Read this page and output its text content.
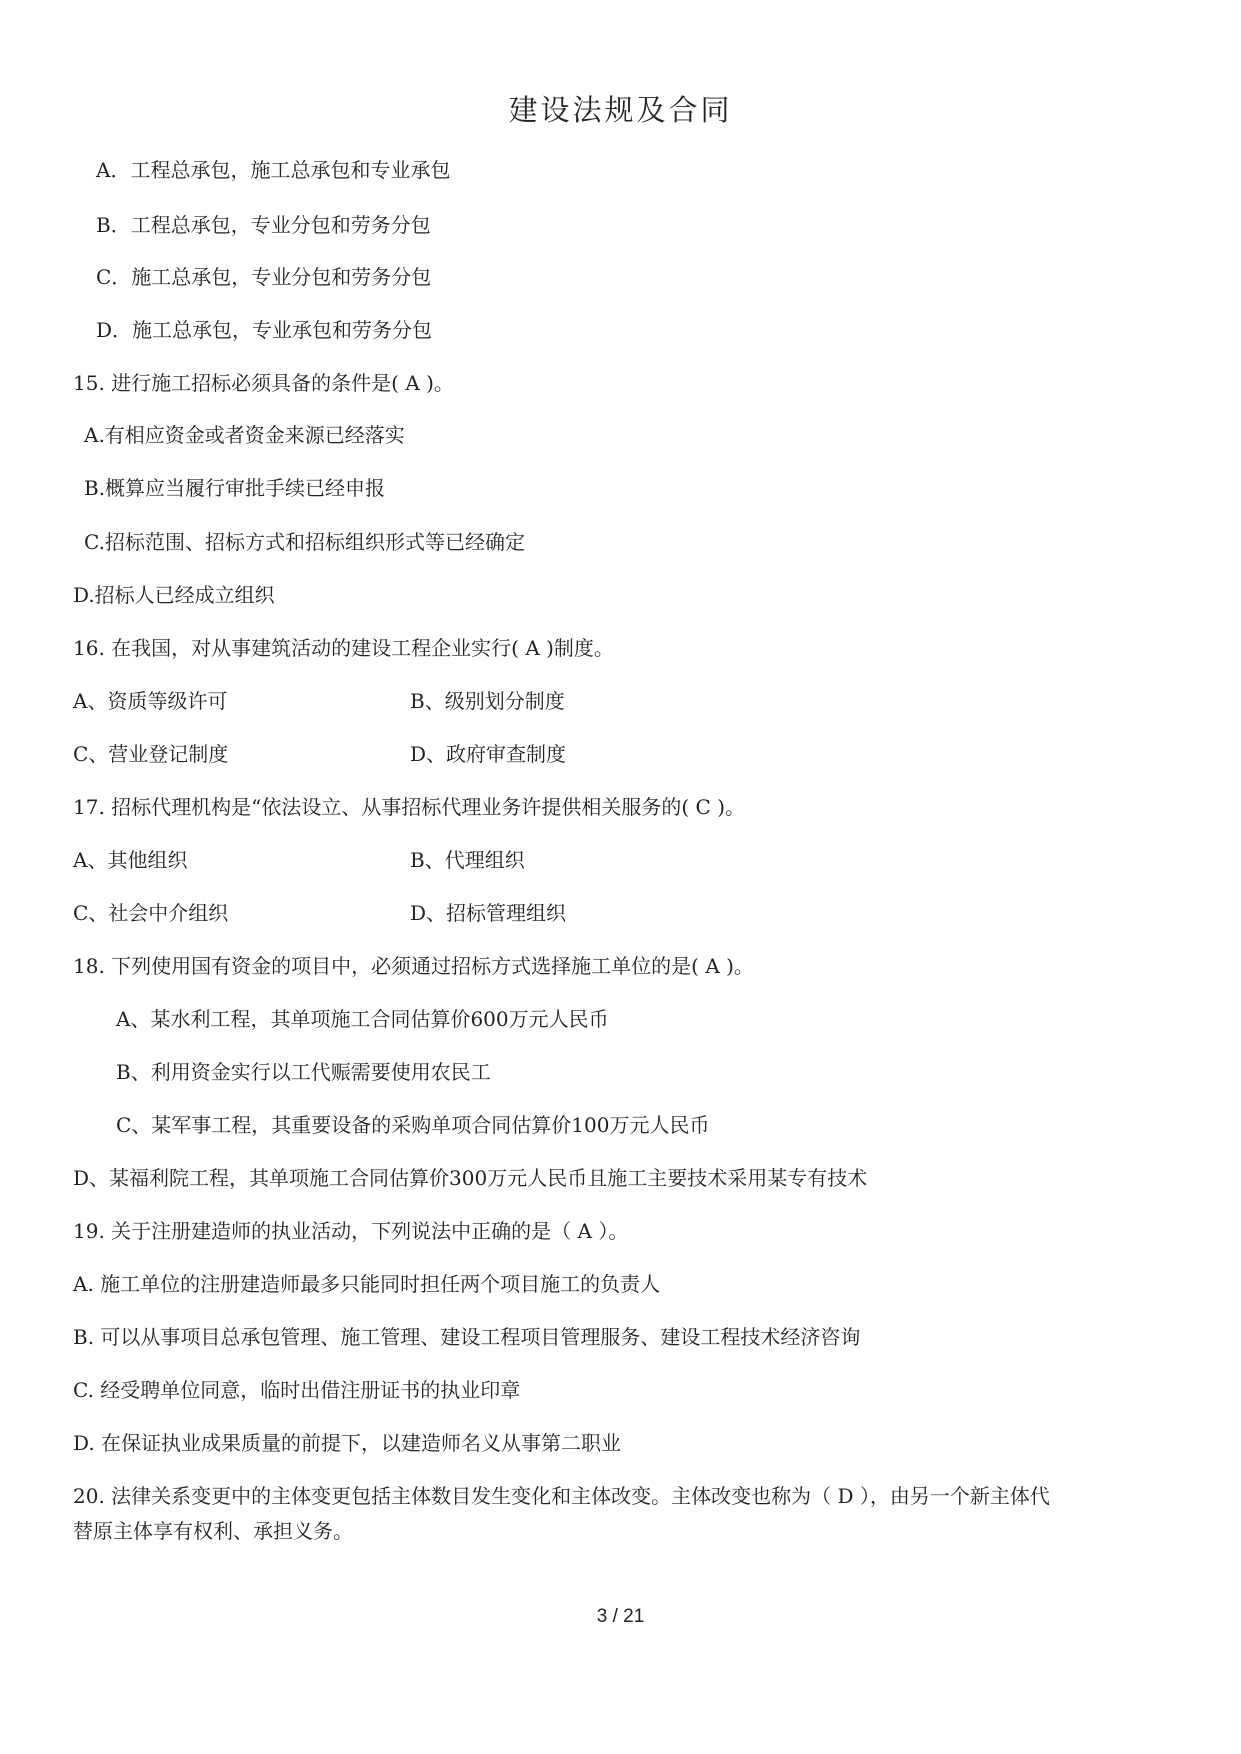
建设法规及合同
A．工程总承包，施工总承包和专业承包
B．工程总承包，专业分包和劳务分包
C．施工总承包，专业分包和劳务分包
D．施工总承包，专业承包和劳务分包
15. 进行施工招标必须具备的条件是( A )。
A.有相应资金或者资金来源已经落实
B.概算应当履行审批手续已经申报
C.招标范围、招标方式和招标组织形式等已经确定
D.招标人已经成立组织
16. 在我国，对从事建筑活动的建设工程企业实行( A )制度。
A、资质等级许可	B、级别划分制度
C、营业登记制度	D、政府审查制度
17. 招标代理机构是“依法设立、从事招标代理业务许提供相关服务的( C )。
A、其他组织	B、代理组织
C、社会中介组织	D、招标管理组织
18. 下列使用国有资金的项目中，必须通过招标方式选择施工单位的是( A )。
A、某水利工程，其单项施工合同估算价600万元人民币
B、利用资金实行以工代赈需要使用农民工
C、某军事工程，其重要设备的采购单项合同估算价100万元人民币
D、某福利院工程，其单项施工合同估算价300万元人民币且施工主要技术采用某专有技术
19. 关于注册建造师的执业活动，下列说法中正确的是（ A ）。
A. 施工单位的注册建造师最多只能同时担任两个项目施工的负责人
B. 可以从事项目总承包管理、施工管理、建设工程项目管理服务、建设工程技术经济咨询
C. 经受聘单位同意，临时出借注册证书的执业印章
D. 在保证执业成果质量的前提下，以建造师名义从事第二职业
20. 法律关系变更中的主体变更包括主体数目发生变化和主体改变。主体改变也称为（ D ），由另一个新主体代
替原主体享有权利、承担义务。
3 / 21
